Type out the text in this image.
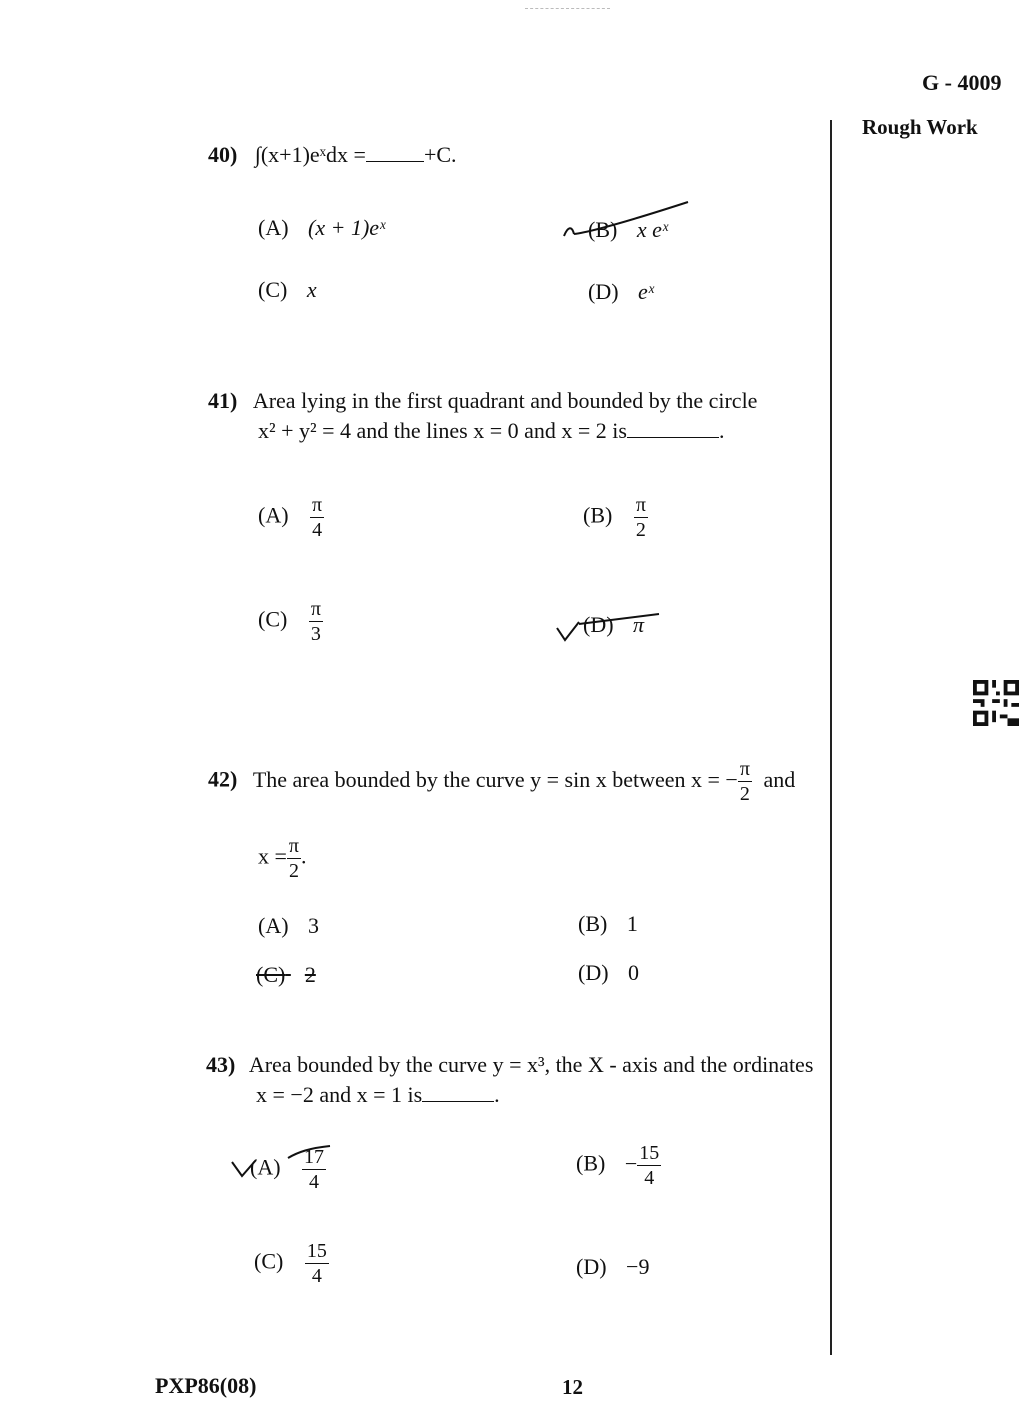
G - 4009
Rough Work
40) ∫(x+1)eˣdx =	+C.
(A) (x + 1)eˣ	(B) x eˣ
(C) x	(D) eˣ
41) Area lying in the first quadrant and bounded by the circle
x² + y² = 4 and the lines x = 0 and x = 2 is	.
$(A) \frac{\pi}{4}$	$(B) \frac{\pi}{2}$
$(C) \frac{\pi}{3}$	(D) π
42) The area bounded by the curve y = sin x between x = − $\frac{\pi}{2}$ and
$x = \frac{\pi}{2}$ .
(A) 3	(B) 1
(C) 2	(D) 0
43) Area bounded by the curve y = x³, the X - axis and the ordinates
x = −2 and x = 1 is	.
$(A) \frac{17}{4}$	$(B) - \frac{15}{4}$
$(C) \frac{15}{4}$	(D) −9
PXP86(08)	12
